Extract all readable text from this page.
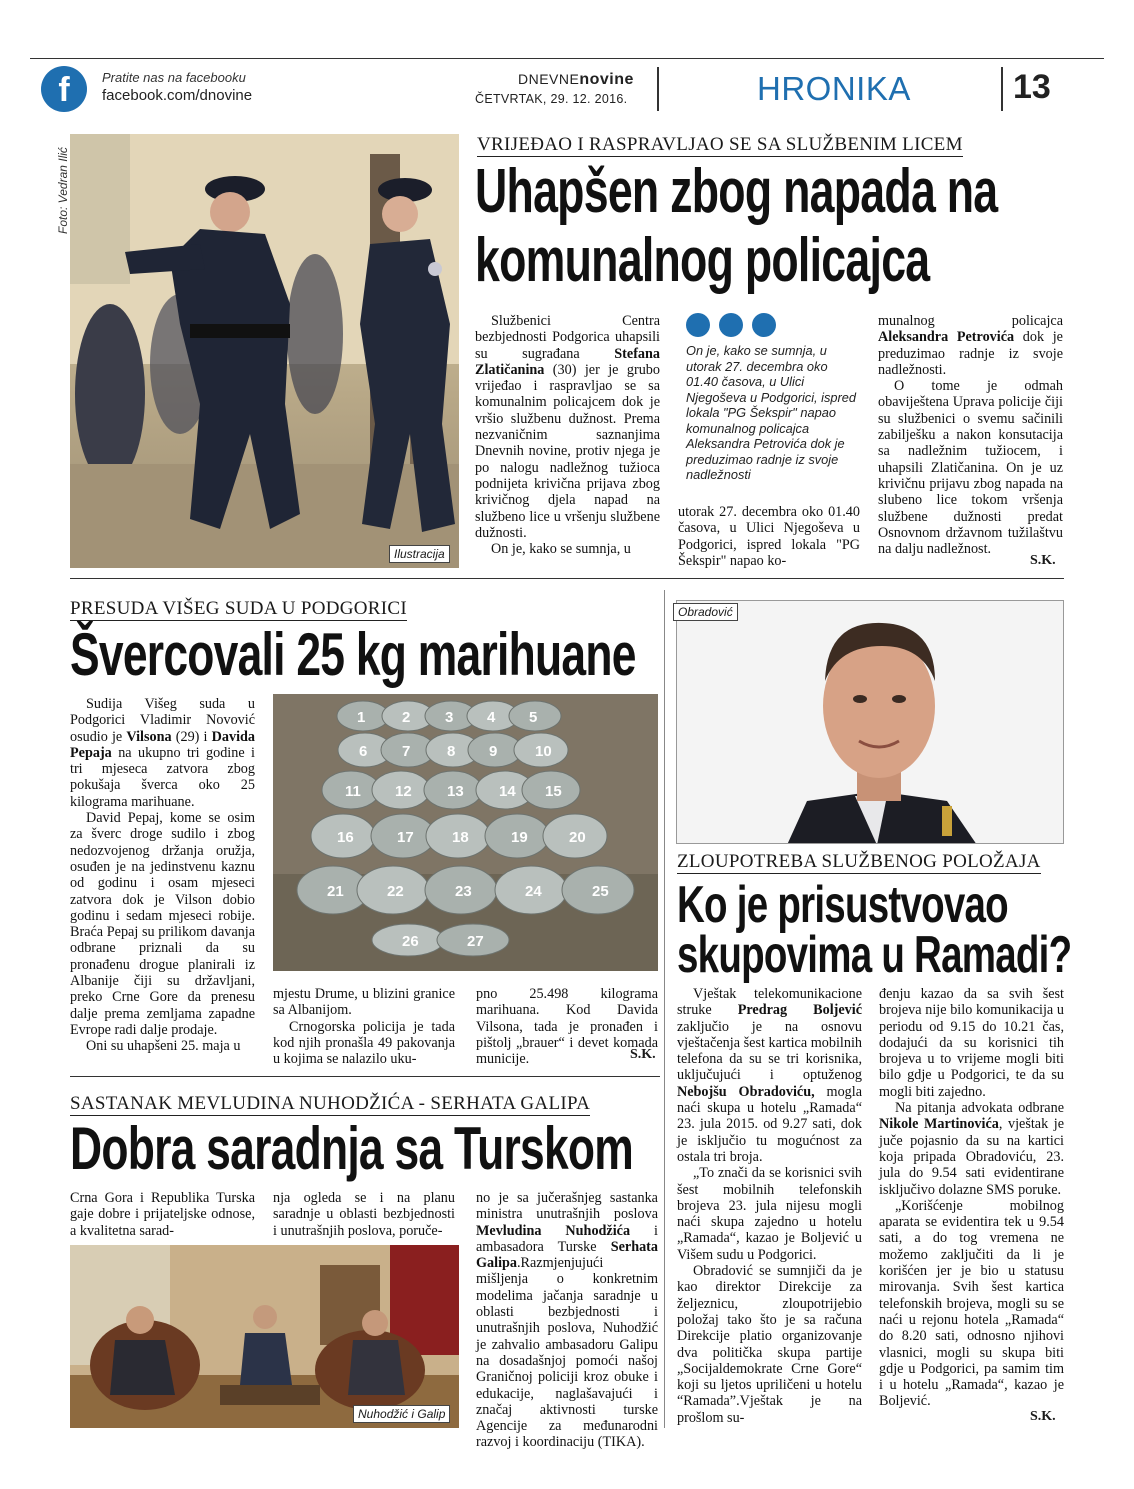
f	Pratite nas na facebooku
facebook.com/dnovine
DNEVNEnovine
ČETVRTAK, 29. 12. 2016.	HRONIKA	13
Foto: Vedran Ilić
Ilustracija
VRIJEĐAO I RASPRAVLJAO SE SA SLUŽBENIM LICEM
Uhapšen zbog napada na
komunalnog policajca

Službenici Centra bezbjednosti Podgorica uhapsili su sugrađana Stefana Zlatičanina (30) jer je grubo vrijeđao i raspravljao se sa komunalnim policajcem dok je vršio službenu dužnost. Prema nezvaničnim saznanjima Dnevnih novine, protiv njega je po nalogu nadležnog tužioca podnijeta krivična prijava zbog krivičnog djela napad na službeno lice u vršenju službene dužnosti.

On je, kako se sumnja, u

On je, kako se sumnja, u utorak 27. decembra oko 01.40 časova, u Ulici Njegoševa u Podgorici, ispred lokala "PG Šekspir" napao komunalnog policajca Aleksandra Petrovića dok je preduzimao radnje iz svoje nadležnosti
utorak 27. decembra oko 01.40 časova, u Ulici Njegoševa u Podgorici, ispred lokala "PG Šekspir" napao ko-

munalnog policajca Aleksandra Petrovića dok je preduzimao radnje iz svoje nadležnosti.

O tome je odmah obaviještena Uprava policije čiji su službenici o svemu sačinili zabilješku a nakon konsutacija sa nadležnim tužiocem, i uhapsili Zlatičanina. On je uz krivičnu prijavu zbog napada na slubeno lice tokom vršenja službene dužnosti predat Osnovnom državnom tužilaštvu na dalju nadležnost.

S.K.
PRESUDA VIŠEG SUDA U PODGORICI
Švercovali 25 kg marihuane

Sudija Višeg suda u Podgorici Vladimir Novović osudio je Vilsona (29) i Davida Pepaja na ukupno tri godine i tri mjeseca zatvora zbog pokušaja šverca oko 25 kilograma marihuane.

David Pepaj, kome se osim za šverc droge sudilo i zbog nedozvojenog držanja oružja, osuđen je na jedinstvenu kaznu od godinu i osam mjeseci zatvora dok je Vilson dobio godinu i sedam mjeseci robije. Braća Pepaj su prilikom davanja odbrane priznali da su pronađenu drogue planirali iz Albanije čiji su državljani, preko Crne Gore da prenesu dalje prema zemljama zapadne Evrope radi dalje prodaje.

Oni su uhapšeni 25. maja u

1 2 3 4 5
6 7 8 9	10
11 12 13 14 15
16	17	18	19	20
21	22	23	24	25
26	27

mjestu Drume, u blizini granice sa Albanijom.

Crnogorska policija je tada kod njih pronašla 49 pakovanja u kojima se nalazilo uku-

pno 25.498 kilograma marihuana. Kod Davida Vilsona, tada je pronađen i pištolj „brauer“ i devet komada municije.	S.K.
SASTANAK MEVLUDINA NUHODŽIĆA - SERHATA GALIPA
Dobra saradnja sa Turskom
Crna Gora i Republika Turska gaje dobre i prijateljske odnose, a kvalitetna sarad-
nja ogleda se i na planu saradnje u oblasti bezbjednosti i unutrašnjih poslova, poruče-

no je sa jučerašnjeg sastanka ministra unutrašnjih poslova Mevludina Nuhodžića i ambasadora Turske Serhata Galipa.Razmjenjujući mišljenja o konkretnim modelima jačanja saradnje u oblasti bezbjednosti i unutrašnjih poslova, Nuhodžić je zahvalio ambasadoru Galipu na dosadašnjoj pomoći našoj Graničnoj policiji kroz obuke i edukacije, naglašavajući i značaj aktivnosti turske Agencije za međunarodni razvoj i koordinaciju (TIKA).

Nuhodžić i Galip
Obradović
ZLOUPOTREBA SLUŽBENOG POLOŽAJA
Ko je prisustvovao
skupovima u Ramadi?

Vještak telekomunikacione struke Predrag Boljević zaključio je na osnovu vještačenja šest kartica mobilnih telefona da su se tri korisnika, uključujući i optuženog Nebojšu Obradoviću, mogla naći skupa u hotelu „Ramada“ 23. jula 2015. od 9.27 sati, dok je isključio tu mogućnost za ostala tri broja.

„To znači da se korisnici svih šest mobilnih telefonskih brojeva 23. jula nijesu mogli naći skupa zajedno u hotelu „Ramada“, kazao je Boljević u Višem sudu u Podgorici.

Obradović se sumnjiči da je kao direktor Direkcije za željeznicu, zloupotrijebio položaj tako što je sa računa Direkcije platio organizovanje dva politička skupa partije „Socijaldemokrate Crne Gore“ koji su ljetos upriličeni u hotelu “Ramada”.Vještak je na prošlom su-

đenju kazao da sa svih šest brojeva nije bilo komunikacija u periodu od 9.15 do 10.21 čas, dodajući da su korisnici tih brojeva u to vrijeme mogli biti bilo gdje u Podgorici, te da su mogli biti zajedno.

Na pitanja advokata odbrane Nikole Martinovića, vještak je juče pojasnio da su na kartici koja pripada Obradoviću, 23. jula do 9.54 sati evidentirane isključivo dolazne SMS poruke.

„Korišćenje mobilnog aparata se evidentira tek u 9.54 sati, a do tog vremena ne možemo zaključiti da li je korišćen jer je bio u statusu mirovanja. Svih šest kartica telefonskih brojeva, mogli su se naći u rejonu hotela „Ramada“ do 8.20 sati, odnosno njihovi vlasnici, mogli su skupa biti gdje u Podgorici, pa samim tim i u hotelu „Ramada“, kazao je Boljević.

S.K.
